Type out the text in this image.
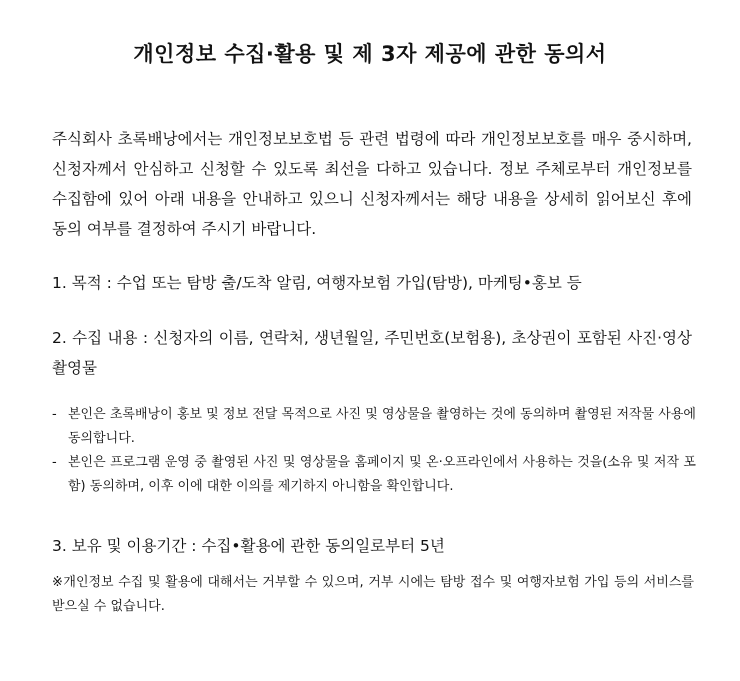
개인정보 수집·활용 및 제 3자 제공에 관한 동의서

주식회사 초록배낭에서는 개인정보보호법 등 관련 법령에 따라 개인정보보호를 매우 중시하며, 신청자께서 안심하고 신청할 수 있도록 최선을 다하고 있습니다. 정보 주체로부터 개인정보를 수집함에 있어 아래 내용을 안내하고 있으니 신청자께서는 해당 내용을 상세히 읽어보신 후에 동의 여부를 결정하여 주시기 바랍니다.

1. 목적 : 수업 또는 탐방 출/도착 알림, 여행자보험 가입(탐방), 마케팅•홍보 등

2. 수집 내용 : 신청자의 이름, 연락처, 생년월일, 주민번호(보험용), 초상권이 포함된 사진·영상 촬영물

- 본인은 초록배낭이 홍보 및 정보 전달 목적으로 사진 및 영상물을 촬영하는 것에 동의하며 촬영된 저작물 사용에 동의합니다.
- 본인은 프로그램 운영 중 촬영된 사진 및 영상물을 홈페이지 및 온·오프라인에서 사용하는 것을(소유 및 저작 포함) 동의하며, 이후 이에 대한 이의를 제기하지 아니함을 확인합니다.

3. 보유 및 이용기간 : 수집•활용에 관한 동의일로부터 5년

※개인정보 수집 및 활용에 대해서는 거부할 수 있으며, 거부 시에는 탐방 접수 및 여행자보험 가입 등의 서비스를 받으실 수 없습니다.
